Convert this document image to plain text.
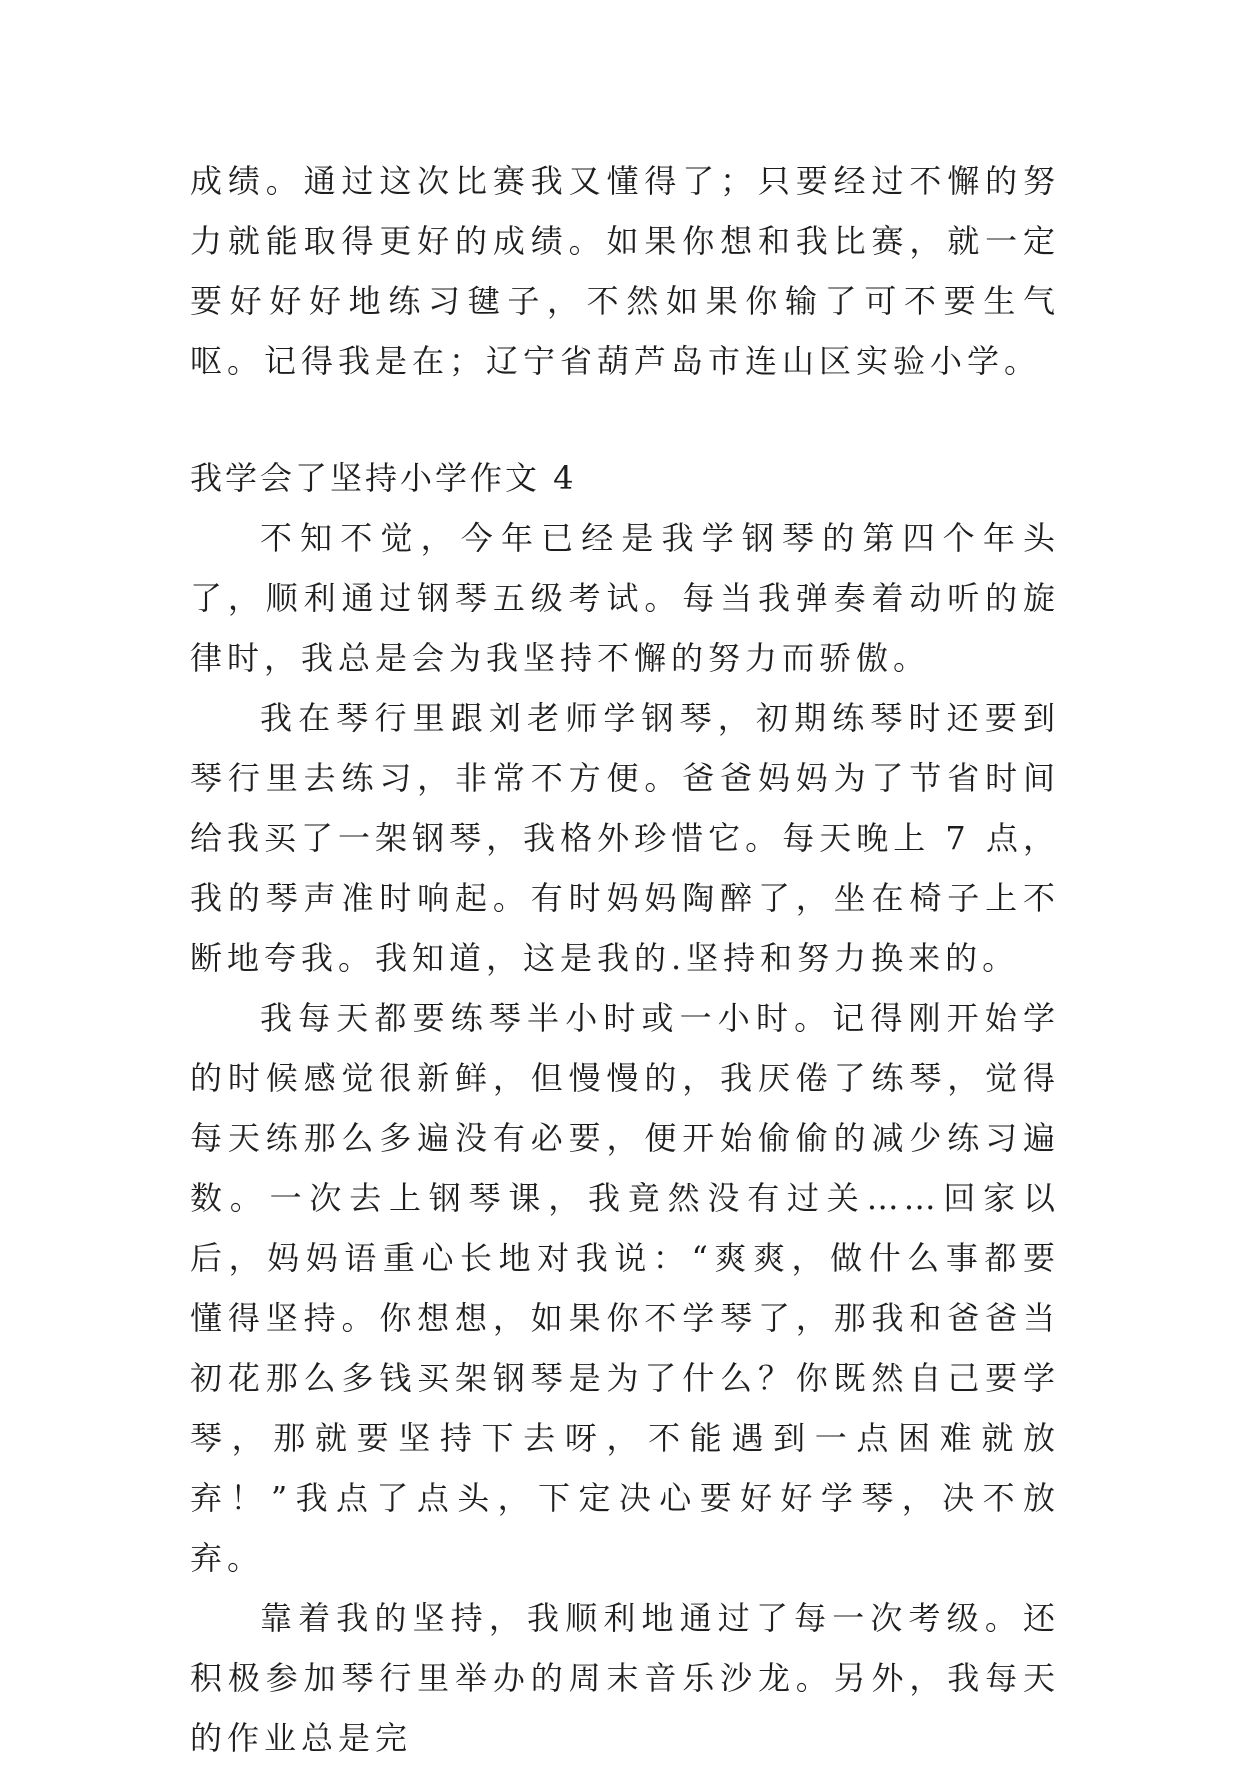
成绩。通过这次比赛我又懂得了；只要经过不懈的努力就能取得更好的成绩。如果你想和我比赛，就一定要好好好地练习毽子，不然如果你输了可不要生气呕。记得我是在；辽宁省葫芦岛市连山区实验小学。

我学会了坚持小学作文 4

不知不觉，今年已经是我学钢琴的第四个年头了，顺利通过钢琴五级考试。每当我弹奏着动听的旋律时，我总是会为我坚持不懈的努力而骄傲。

我在琴行里跟刘老师学钢琴，初期练琴时还要到琴行里去练习，非常不方便。爸爸妈妈为了节省时间给我买了一架钢琴，我格外珍惜它。每天晚上 7 点，我的琴声准时响起。有时妈妈陶醉了，坐在椅子上不断地夸我。我知道，这是我的.坚持和努力换来的。

我每天都要练琴半小时或一小时。记得刚开始学的时候感觉很新鲜，但慢慢的，我厌倦了练琴，觉得每天练那么多遍没有必要，便开始偷偷的减少练习遍数。一次去上钢琴课，我竟然没有过关……回家以后，妈妈语重心长地对我说：“爽爽，做什么事都要懂得坚持。你想想，如果你不学琴了，那我和爸爸当初花那么多钱买架钢琴是为了什么？你既然自己要学琴，那就要坚持下去呀，不能遇到一点困难就放弃！”我点了点头，下定决心要好好学琴，决不放弃。

靠着我的坚持，我顺利地通过了每一次考级。还积极参加琴行里举办的周末音乐沙龙。另外，我每天的作业总是完
